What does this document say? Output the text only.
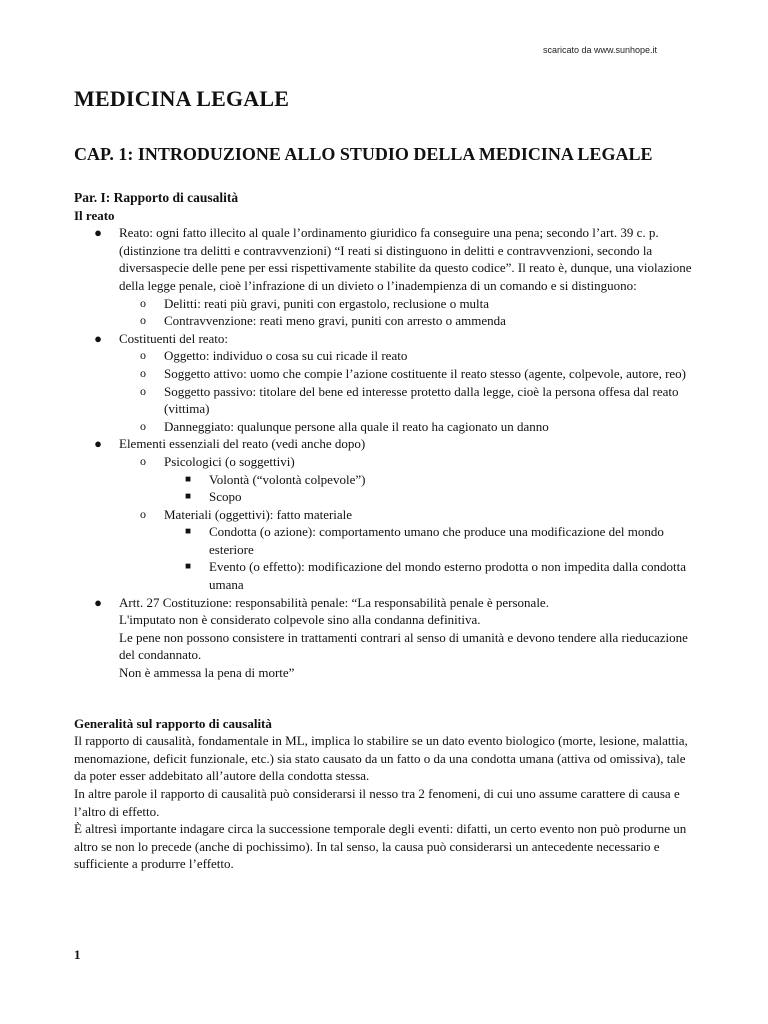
scaricato da www.sunhope.it
MEDICINA LEGALE
CAP. 1: INTRODUZIONE ALLO STUDIO DELLA MEDICINA LEGALE
Par. I: Rapporto di causalità
Il reato
● Reato: ogni fatto illecito al quale l’ordinamento giuridico fa conseguire una pena; secondo l’art. 39 c. p. (distinzione tra delitti e contravvenzioni) “I reati si distinguono in delitti e contravvenzioni, secondo la diversaspecie delle pene per essi rispettivamente stabilite da questo codice”. Il reato è, dunque, una violazione della legge penale, cioè l’infrazione di un divieto o l’inadempienza di un comando e si distinguono:
o Delitti: reati più gravi, puniti con ergastolo, reclusione o multa
o Contravvenzione: reati meno gravi, puniti con arresto o ammenda
● Costituenti del reato:
o Oggetto: individuo o cosa su cui ricade il reato
o Soggetto attivo: uomo che compie l’azione costituente il reato stesso (agente, colpevole, autore, reo)
o Soggetto passivo: titolare del bene ed interesse protetto dalla legge, cioè la persona offesa dal reato (vittima)
o Danneggiato: qualunque persone alla quale il reato ha cagionato un danno
● Elementi essenziali del reato (vedi anche dopo)
o Psicologici (o soggettivi)
■ Volontà (“volontà colpevole”)
■ Scopo
o Materiali (oggettivi): fatto materiale
■ Condotta (o azione): comportamento umano che produce una modificazione del mondo esteriore
■ Evento (o effetto): modificazione del mondo esterno prodotta o non impedita dalla condotta umana
● Artt. 27 Costituzione: responsabilità penale: “La responsabilità penale è personale.
L'imputato non è considerato colpevole sino alla condanna definitiva.
Le pene non possono consistere in trattamenti contrari al senso di umanità e devono tendere alla rieducazione del condannato.
Non è ammessa la pena di morte”
Generalità sul rapporto di causalità

Il rapporto di causalità, fondamentale in ML, implica lo stabilire se un dato evento biologico (morte, lesione, malattia, menomazione, deficit funzionale, etc.) sia stato causato da un fatto o da una condotta umana (attiva od omissiva), tale da poter esser addebitato all’autore della condotta stessa.

In altre parole il rapporto di causalità può considerarsi il nesso tra 2 fenomeni, di cui uno assume carattere di causa e l’altro di effetto.

È altresì importante indagare circa la successione temporale degli eventi: difatti, un certo evento non può produrne un altro se non lo precede (anche di pochissimo). In tal senso, la causa può considerarsi un antecedente necessario e sufficiente a produrre l’effetto.

1
